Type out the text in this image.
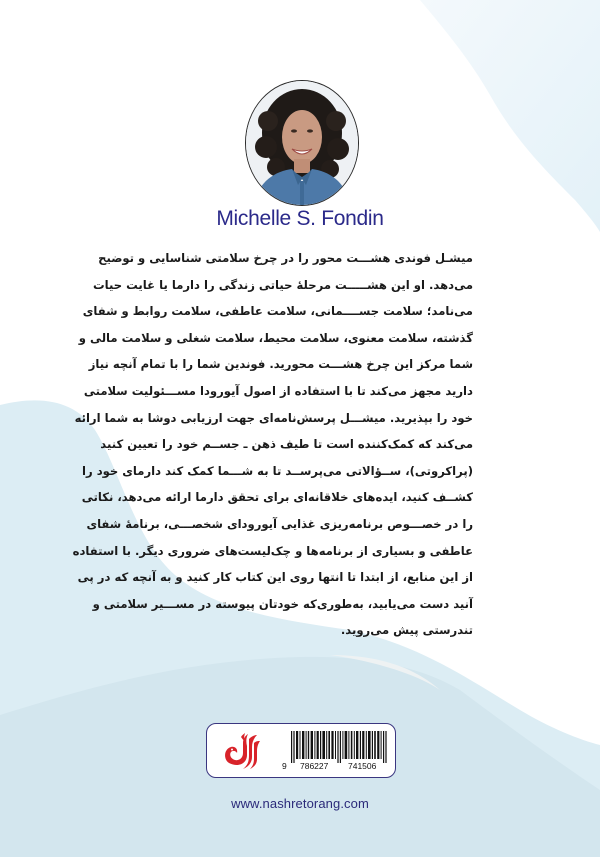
Michelle S. Fondin
میشـل فوندی هشـــت محور را در چرخ سلامتی شناسایی و توضیح
می‌دهد. او این هشـــــت مرحلهٔ حیاتی زندگی را دارما یا غایت حیات
می‌نامد؛ سلامت جســــمانی، سلامت عاطفی، سلامت روابط و شفای
گذشته، سلامت معنوی، سلامت محیط، سلامت شغلی و سلامت مالی و
شما مرکز این چرخ هشـــت محورید. فوندین شما را با تمام آنچه نیاز
دارید مجهز می‌کند تا با استفاده از اصول آیورودا مســـئولیت سلامتی
خود را بپذیرید. میشـــل پرسش‌نامه‌ای جهت ارزیابی دوشا به شما ارائه
می‌کند که کمک‌کننده است تا طیف ذهن ـ جســم خود را تعیین کنید
(پراکروتی)، ســؤالاتی می‌پرســد تا به شـــما کمک کند دارمای خود را
کشــف کنید، ایده‌های خلاقانه‌ای برای تحقق دارما ارائه می‌دهد، نکاتی
را در خصـــوص برنامه‌ریزی غذایی آیورودای شخصـــی، برنامهٔ شفای
عاطفی و بسیاری از برنامه‌ها و چک‌لیست‌های ضروری دیگر. با استفاده
از این منابع، از ابتدا تا انتها روی این کتاب کار کنید و به آنچه که در پی
آنید دست می‌یابید، به‌طوری‌که خودتان پیوسته در مســـیر سلامتی و
تندرستی پیش می‌روید.
9 786227 741506
www.nashretorang.com
